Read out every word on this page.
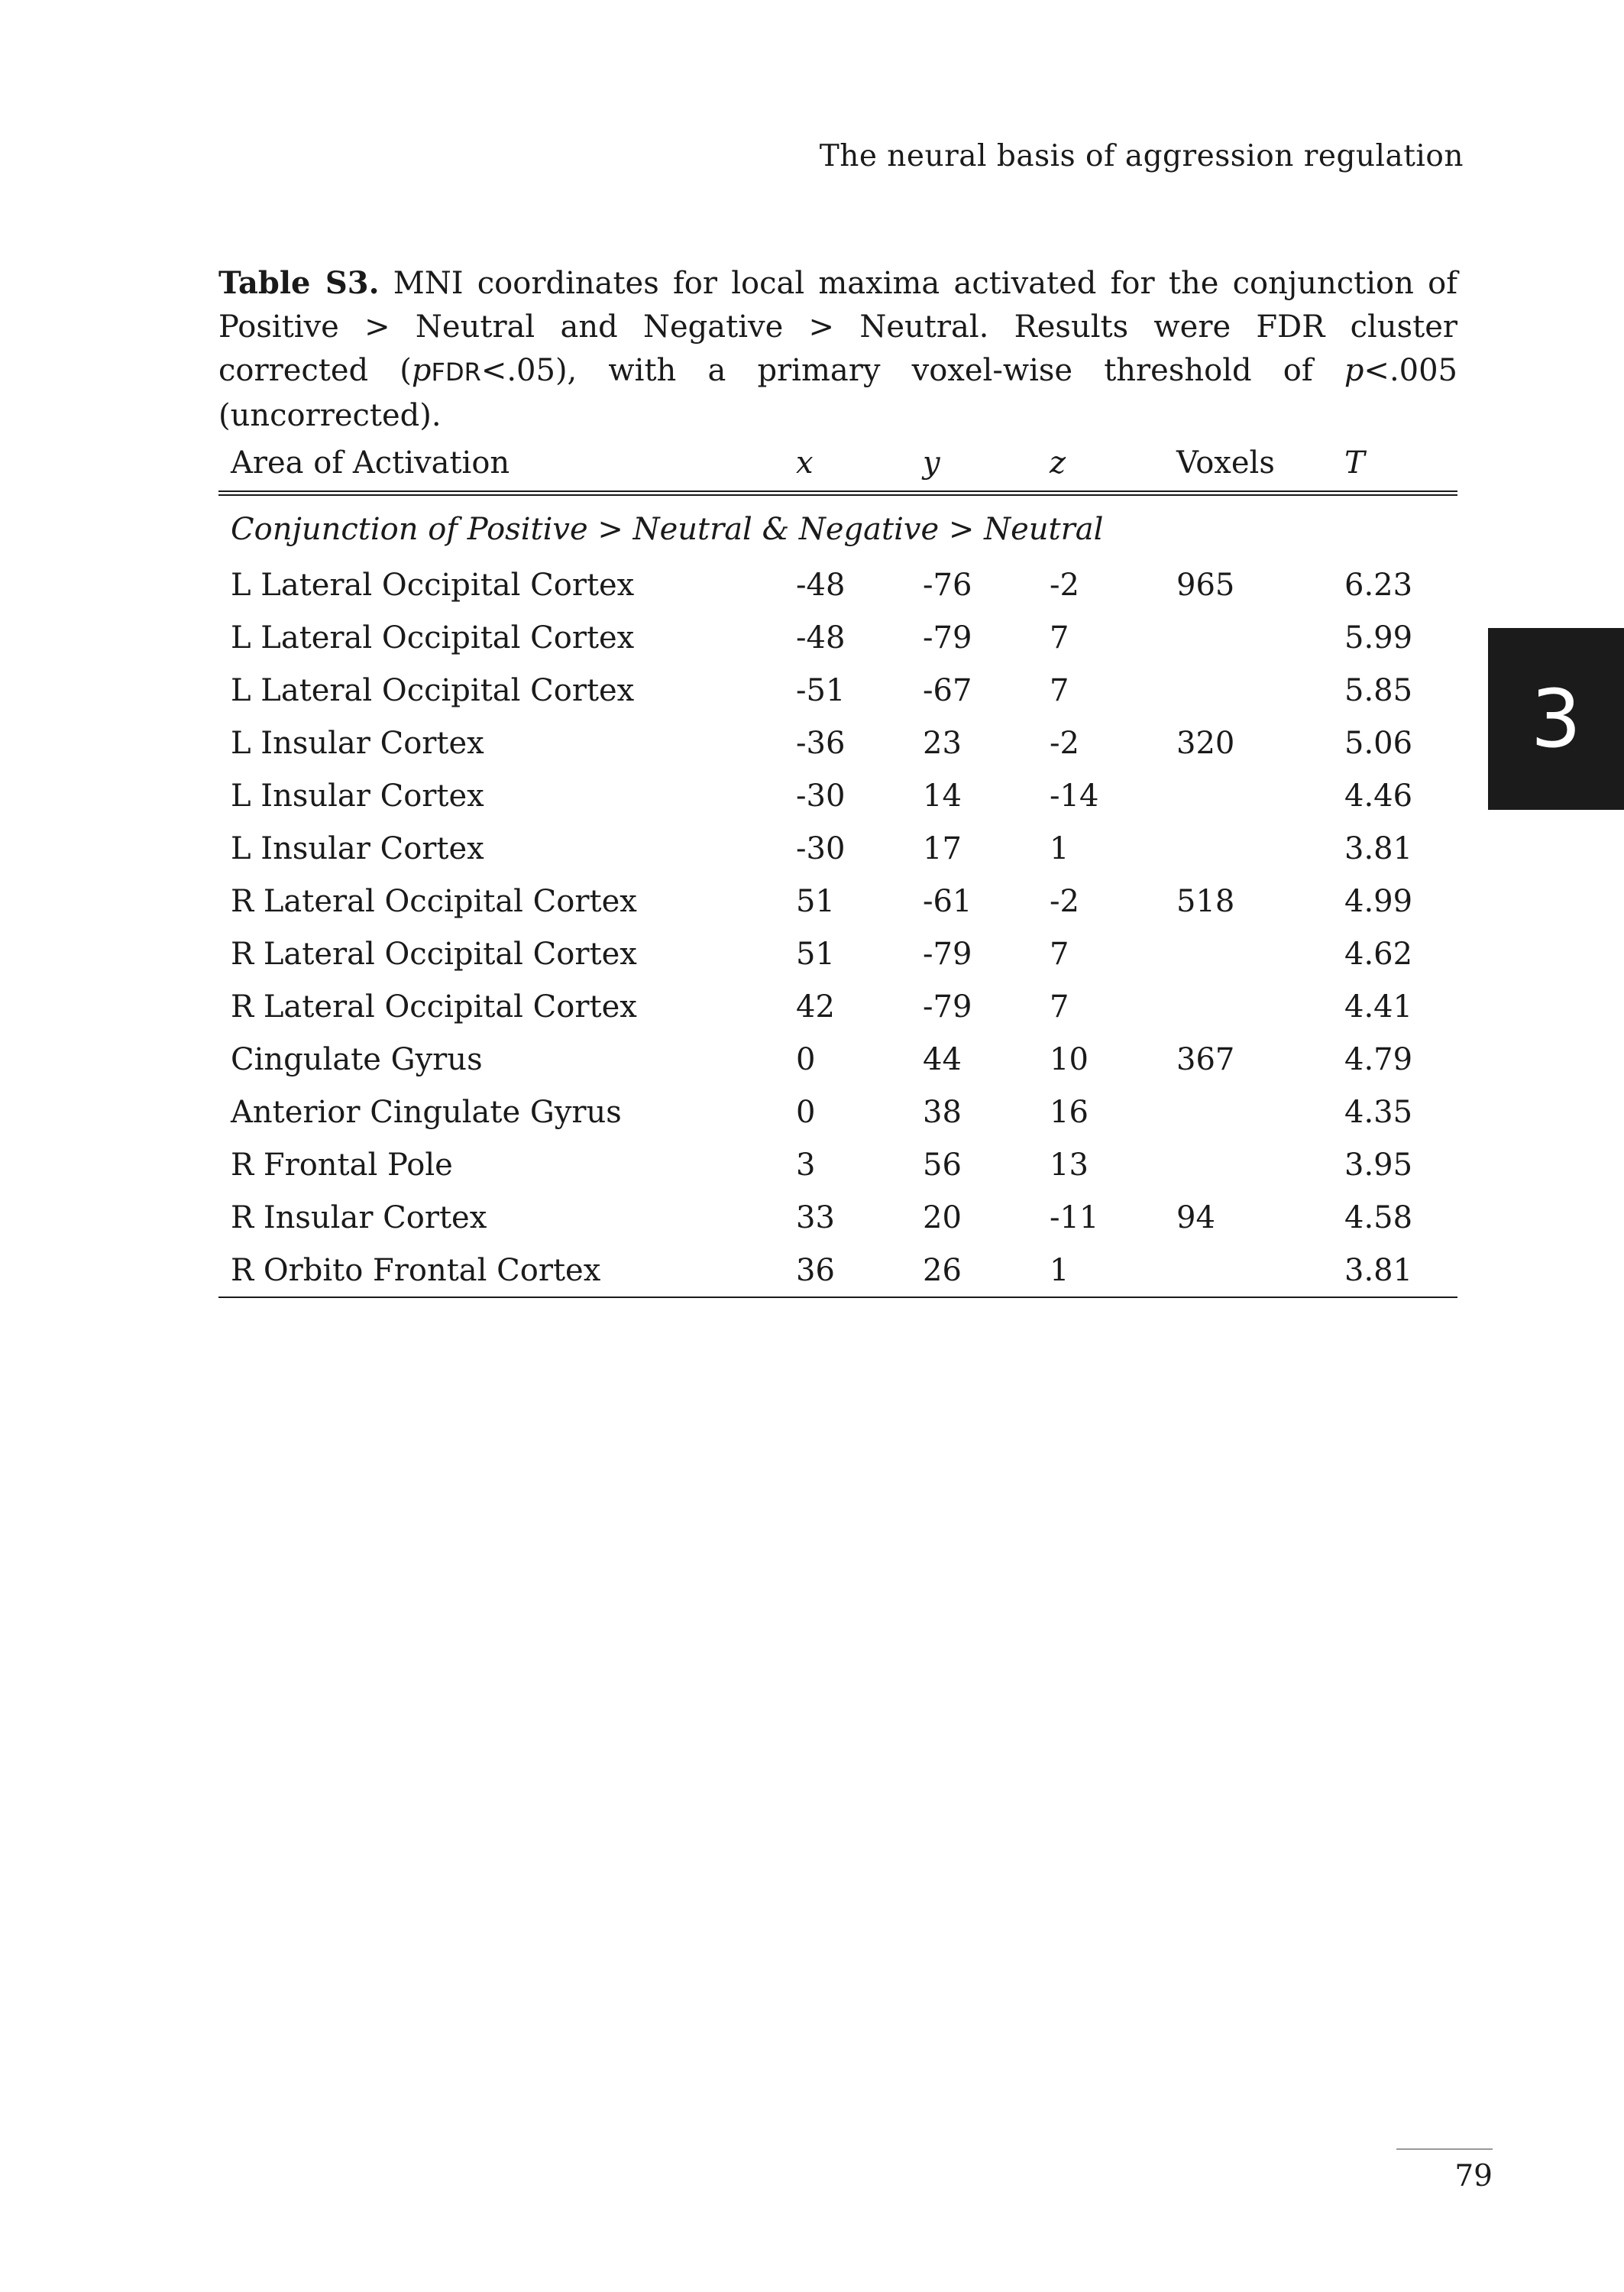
The neural basis of aggression regulation

Table S3. MNI coordinates for local maxima activated for the conjunction of Positive > Neutral and Negative > Neutral. Results were FDR cluster corrected (pFDR<.05), with a primary voxel-wise threshold of p<.005 (uncorrected).

Area of Activation	x	y	z	Voxels	T
Conjunction of Positive > Neutral & Negative > Neutral					
L Lateral Occipital Cortex	-48	-76	-2	965	6.23
L Lateral Occipital Cortex	-48	-79	7		5.99
L Lateral Occipital Cortex	-51	-67	7		5.85
L Insular Cortex	-36	23	-2	320	5.06
L Insular Cortex	-30	14	-14		4.46
L Insular Cortex	-30	17	1		3.81
R Lateral Occipital Cortex	51	-61	-2	518	4.99
R Lateral Occipital Cortex	51	-79	7		4.62
R Lateral Occipital Cortex	42	-79	7		4.41
Cingulate Gyrus	0	44	10	367	4.79
Anterior Cingulate Gyrus	0	38	16		4.35
R Frontal Pole	3	56	13		3.95
R Insular Cortex	33	20	-11	94	4.58
R Orbito Frontal Cortex	36	26	1		3.81
3
79
